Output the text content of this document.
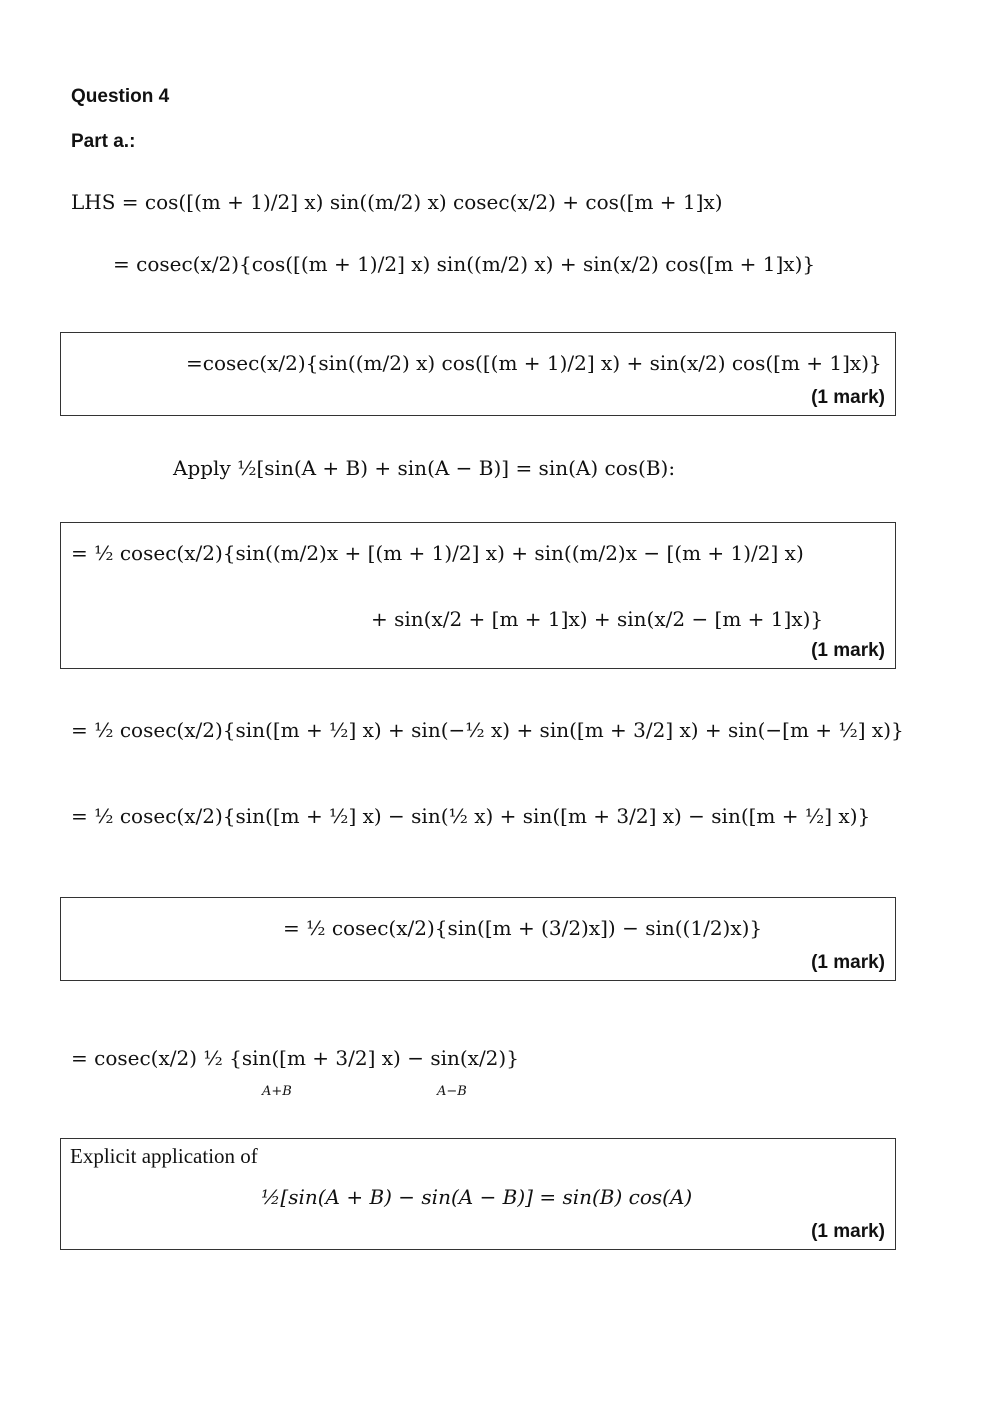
Question 4
Part a.:
LHS = cos([(m + 1)/2] x) sin((m/2) x) cosec(x/2) + cos([m + 1]x)
= cosec(x/2){cos([(m + 1)/2] x) sin((m/2) x) + sin(x/2) cos([m + 1]x)}
=cosec(x/2){sin((m/2) x) cos([(m + 1)/2] x) + sin(x/2) cos([m + 1]x)}
(1 mark)
Apply ½[sin(A + B) + sin(A − B)] = sin(A) cos(B):
= ½ cosec(x/2){sin((m/2)x + [(m + 1)/2] x) + sin((m/2)x − [(m + 1)/2] x)
+ sin(x/2 + [m + 1]x) + sin(x/2 − [m + 1]x)}
(1 mark)
= ½ cosec(x/2){sin([m + ½] x) + sin(−½ x) + sin([m + 3/2] x) + sin(−[m + ½] x)}
= ½ cosec(x/2){sin([m + ½] x) − sin(½ x) + sin([m + 3/2] x) − sin([m + ½] x)}
= ½ cosec(x/2){sin([m + (3/2)x]) − sin((1/2)x)}
(1 mark)
= cosec(x/2) ½ {sin([m + 3/2] x) − sin(x/2)}
A+B	A−B
Explicit application of
½[sin(A + B) − sin(A − B)] = sin(B) cos(A)
(1 mark)
